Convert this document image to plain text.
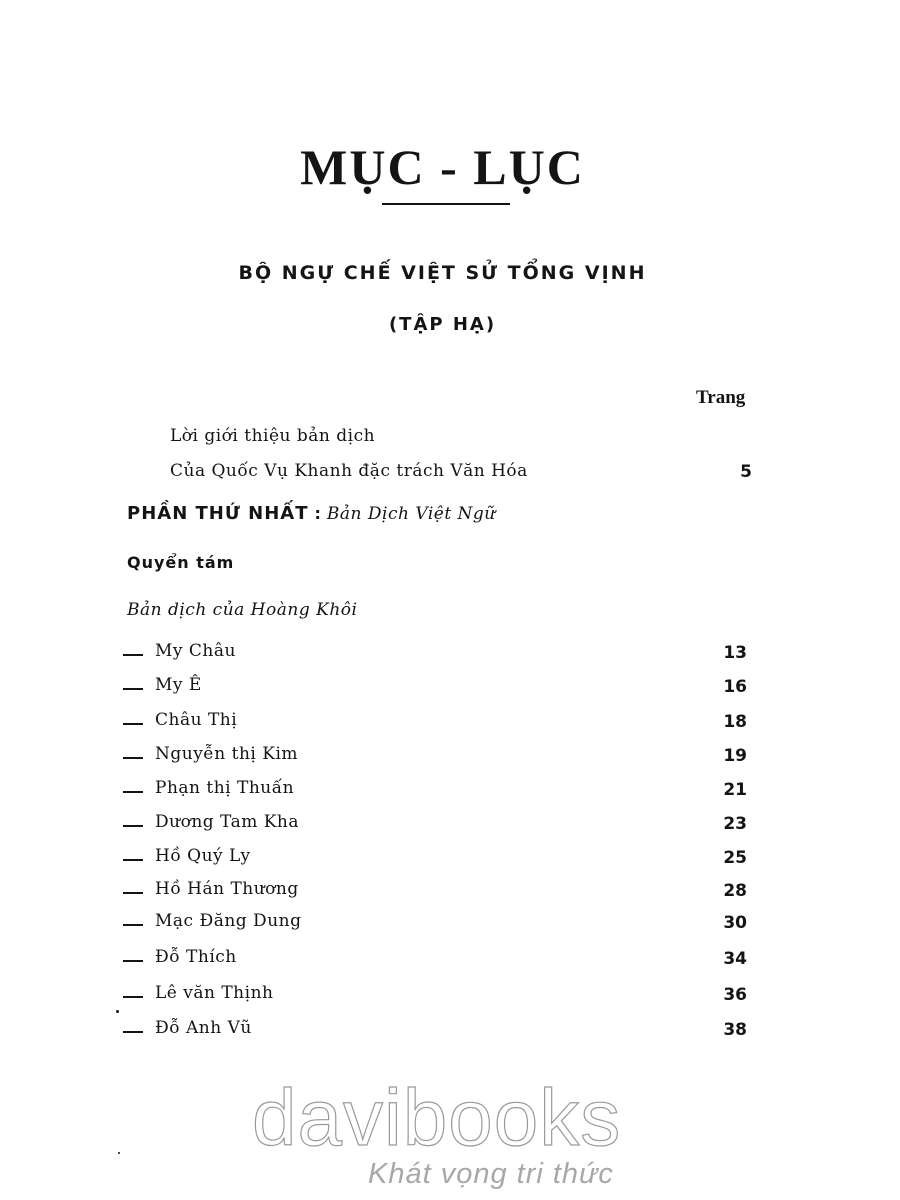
MỤC - LỤC
BỘ NGỰ CHẾ VIỆT SỬ TỔNG VỊNH
(TẬP HẠ)
Trang
Lời giới thiệu bản dịch
Của Quốc Vụ Khanh đặc trách Văn Hóa	5
PHẦN THỨ NHẤT : Bản Dịch Việt Ngữ
Quyển tám
Bản dịch của Hoàng Khôi
My Châu	13
My Ê	16
Châu Thị	18
Nguyễn thị Kim	19
Phạn thị Thuấn	21
Dương Tam Kha	23
Hồ Quý Ly	25
Hồ Hán Thương	28
Mạc Đăng Dung	30
Đỗ Thích	34
Lê văn Thịnh	36
Đỗ Anh Vũ	38
davibooks
Khát vọng tri thức
